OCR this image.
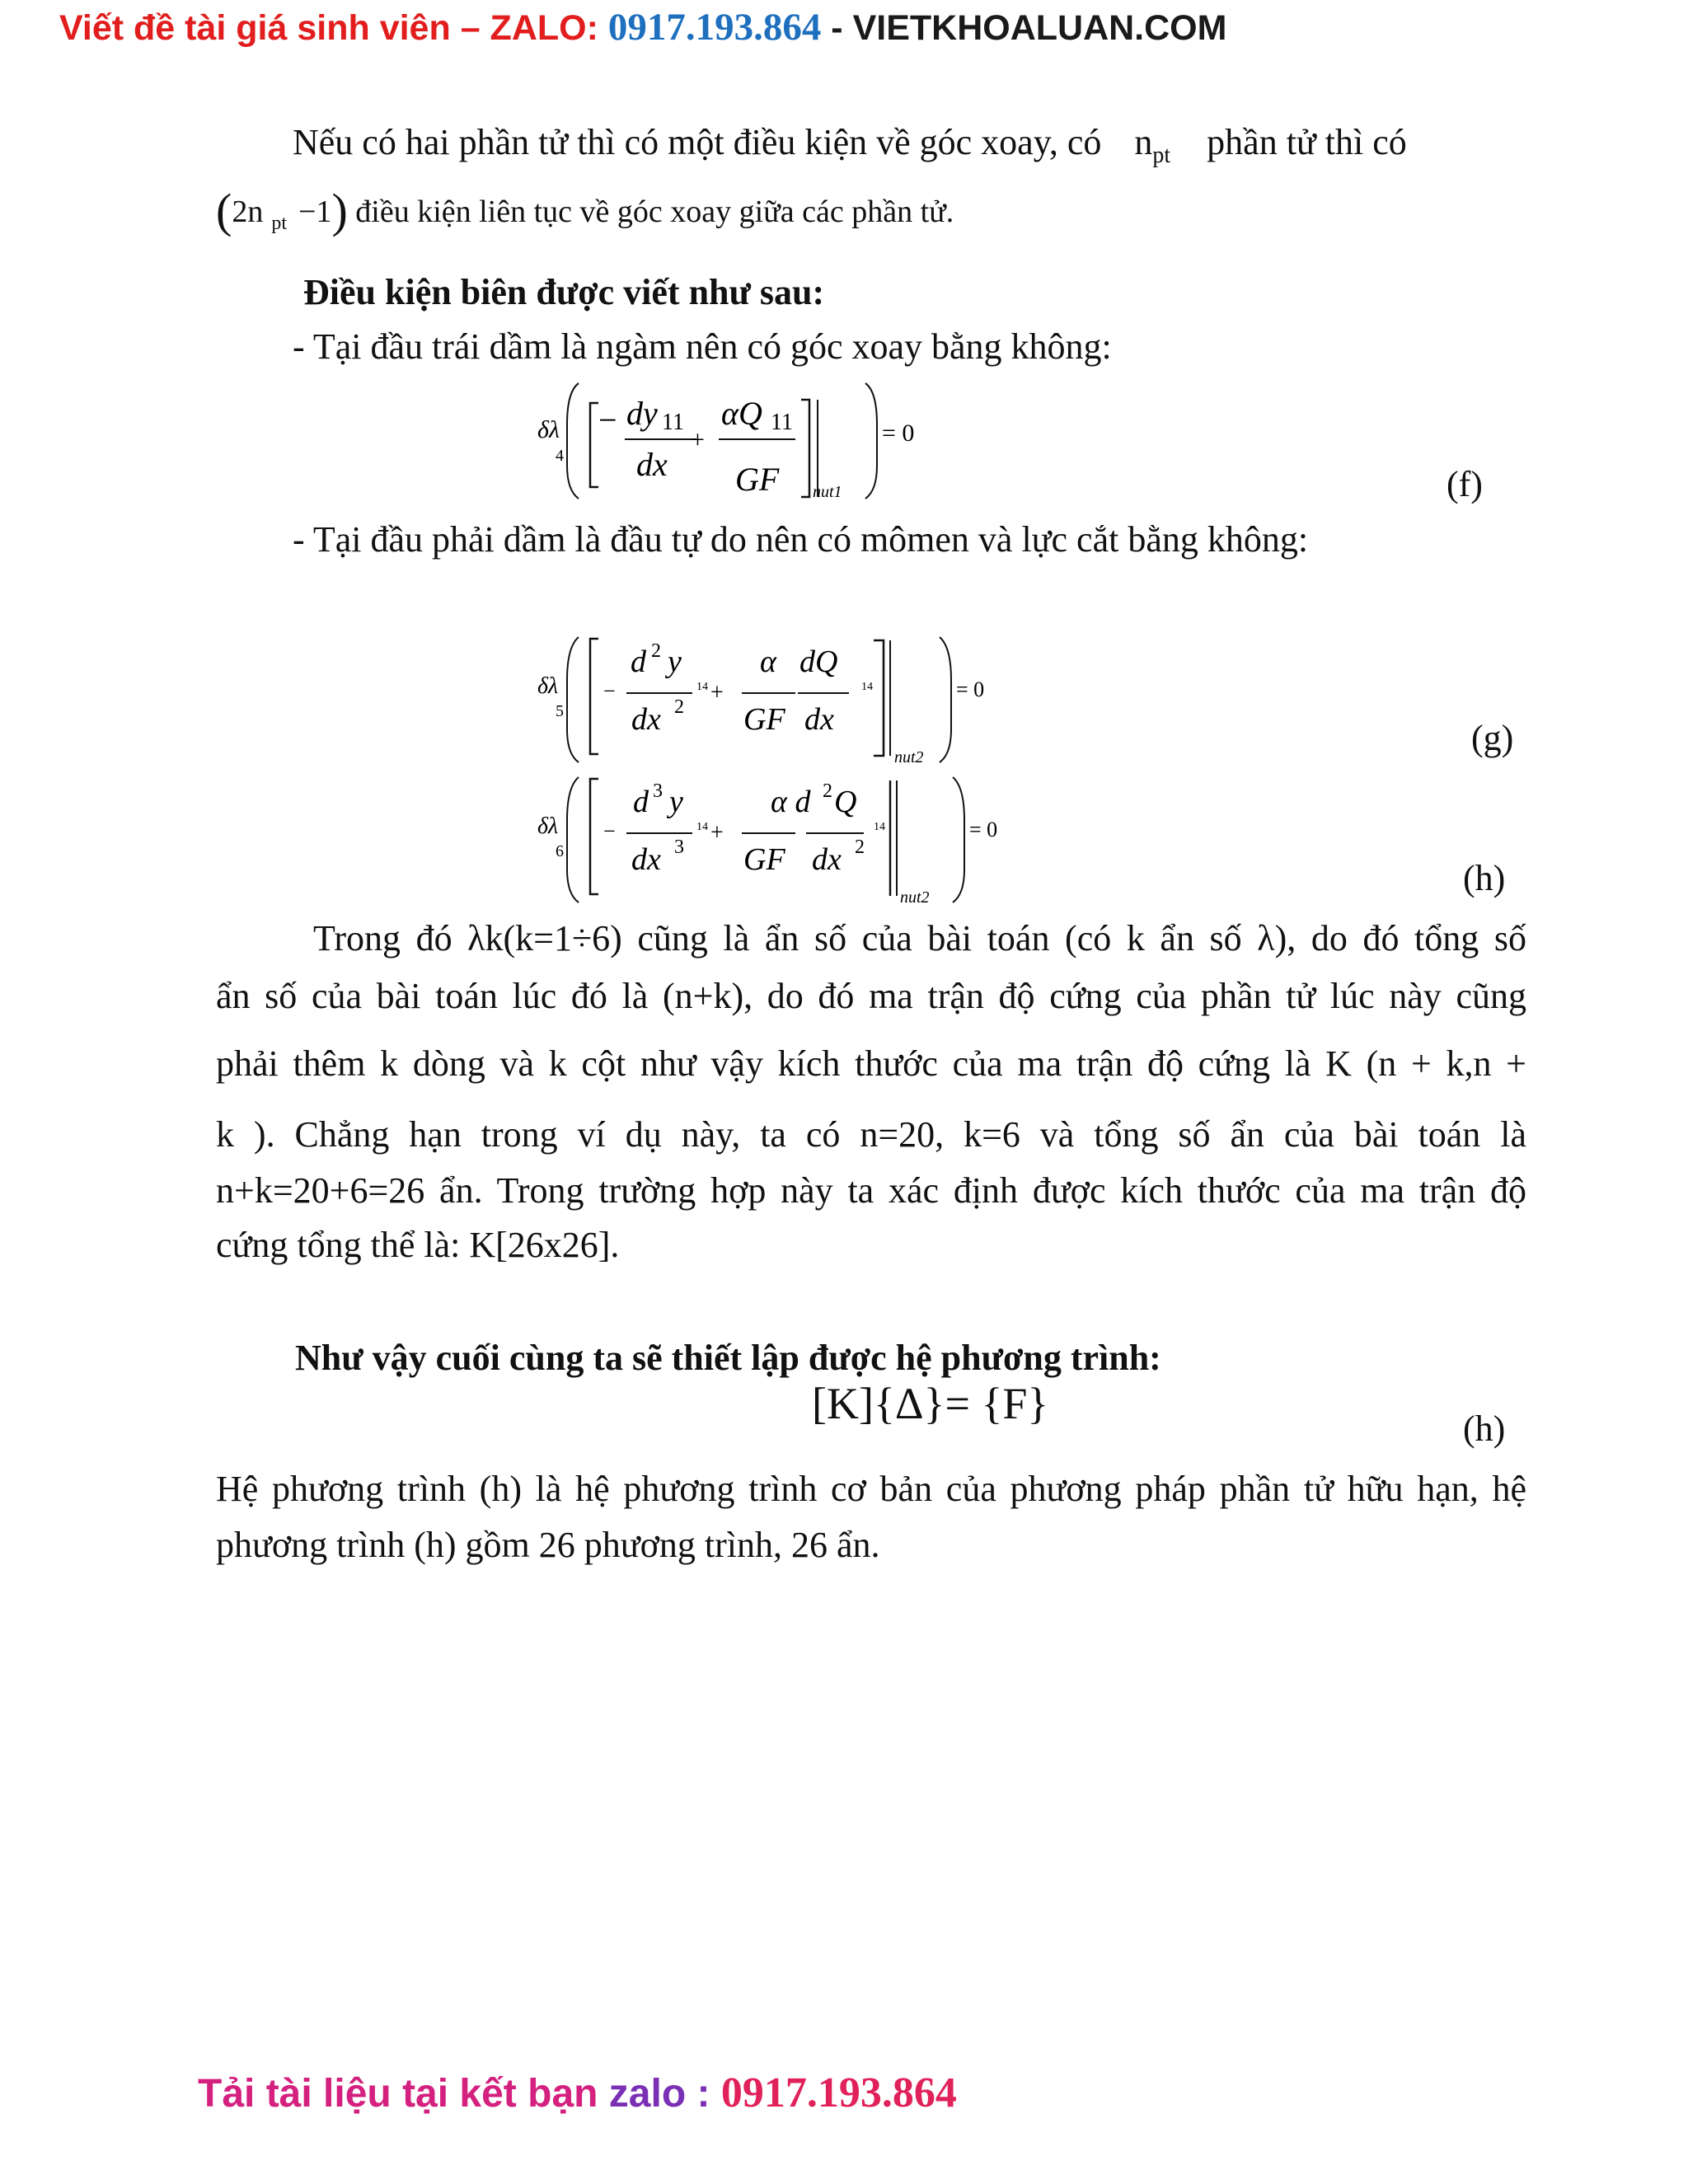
Viết đề tài giá sinh viên – ZALO: 0917.193.864 - VIETKHOALUAN.COM
Nếu có hai phần tử thì có một điều kiện về góc xoay, có $n_{pt}$ phần tử thì có
(2n $_{pt}$ −1) điều kiện liên tục về góc xoay giữa các phần tử.
Điều kiện biên được viết như sau:
- Tại đầu trái dầm là ngàm nên có góc xoay bằng không:
δλ
4
− dy 11
dx
+
αQ 11
GF nut1
= 0
(f)
- Tại đầu phải dầm là đầu tự do nên có mômen và lực cắt bằng không:
δλ
5
−
d 2 y
14
dx 2
+
α
GF
dQ
dx
14
nut2
= 0
(g)
δλ
6
−
d 3 y
14
dx 3
+
α d 2 Q
GF dx 2
14
nut2
= 0
(h)
Trong đó λk(k=1÷6) cũng là ẩn số của bài toán (có k ẩn số λ), do đó tổng số
ẩn số của bài toán lúc đó là (n+k), do đó ma trận độ cứng của phần tử lúc này cũng
phải thêm k dòng và k cột như vậy kích thước của ma trận độ cứng là K (n + k,n +
k ). Chẳng hạn trong ví dụ này, ta có n=20, k=6 và tổng số ẩn của bài toán là
n+k=20+6=26 ẩn. Trong trường hợp này ta xác định được kích thước của ma trận độ
cứng tổng thể là: K[26x26].
Như vậy cuối cùng ta sẽ thiết lập được hệ phương trình:
[K]{Δ}= {F}
(h)
Hệ phương trình (h) là hệ phương trình cơ bản của phương pháp phần tử hữu hạn, hệ
phương trình (h) gồm 26 phương trình, 26 ẩn.
Tải tài liệu tại kết bạn zalo : 0917.193.864
